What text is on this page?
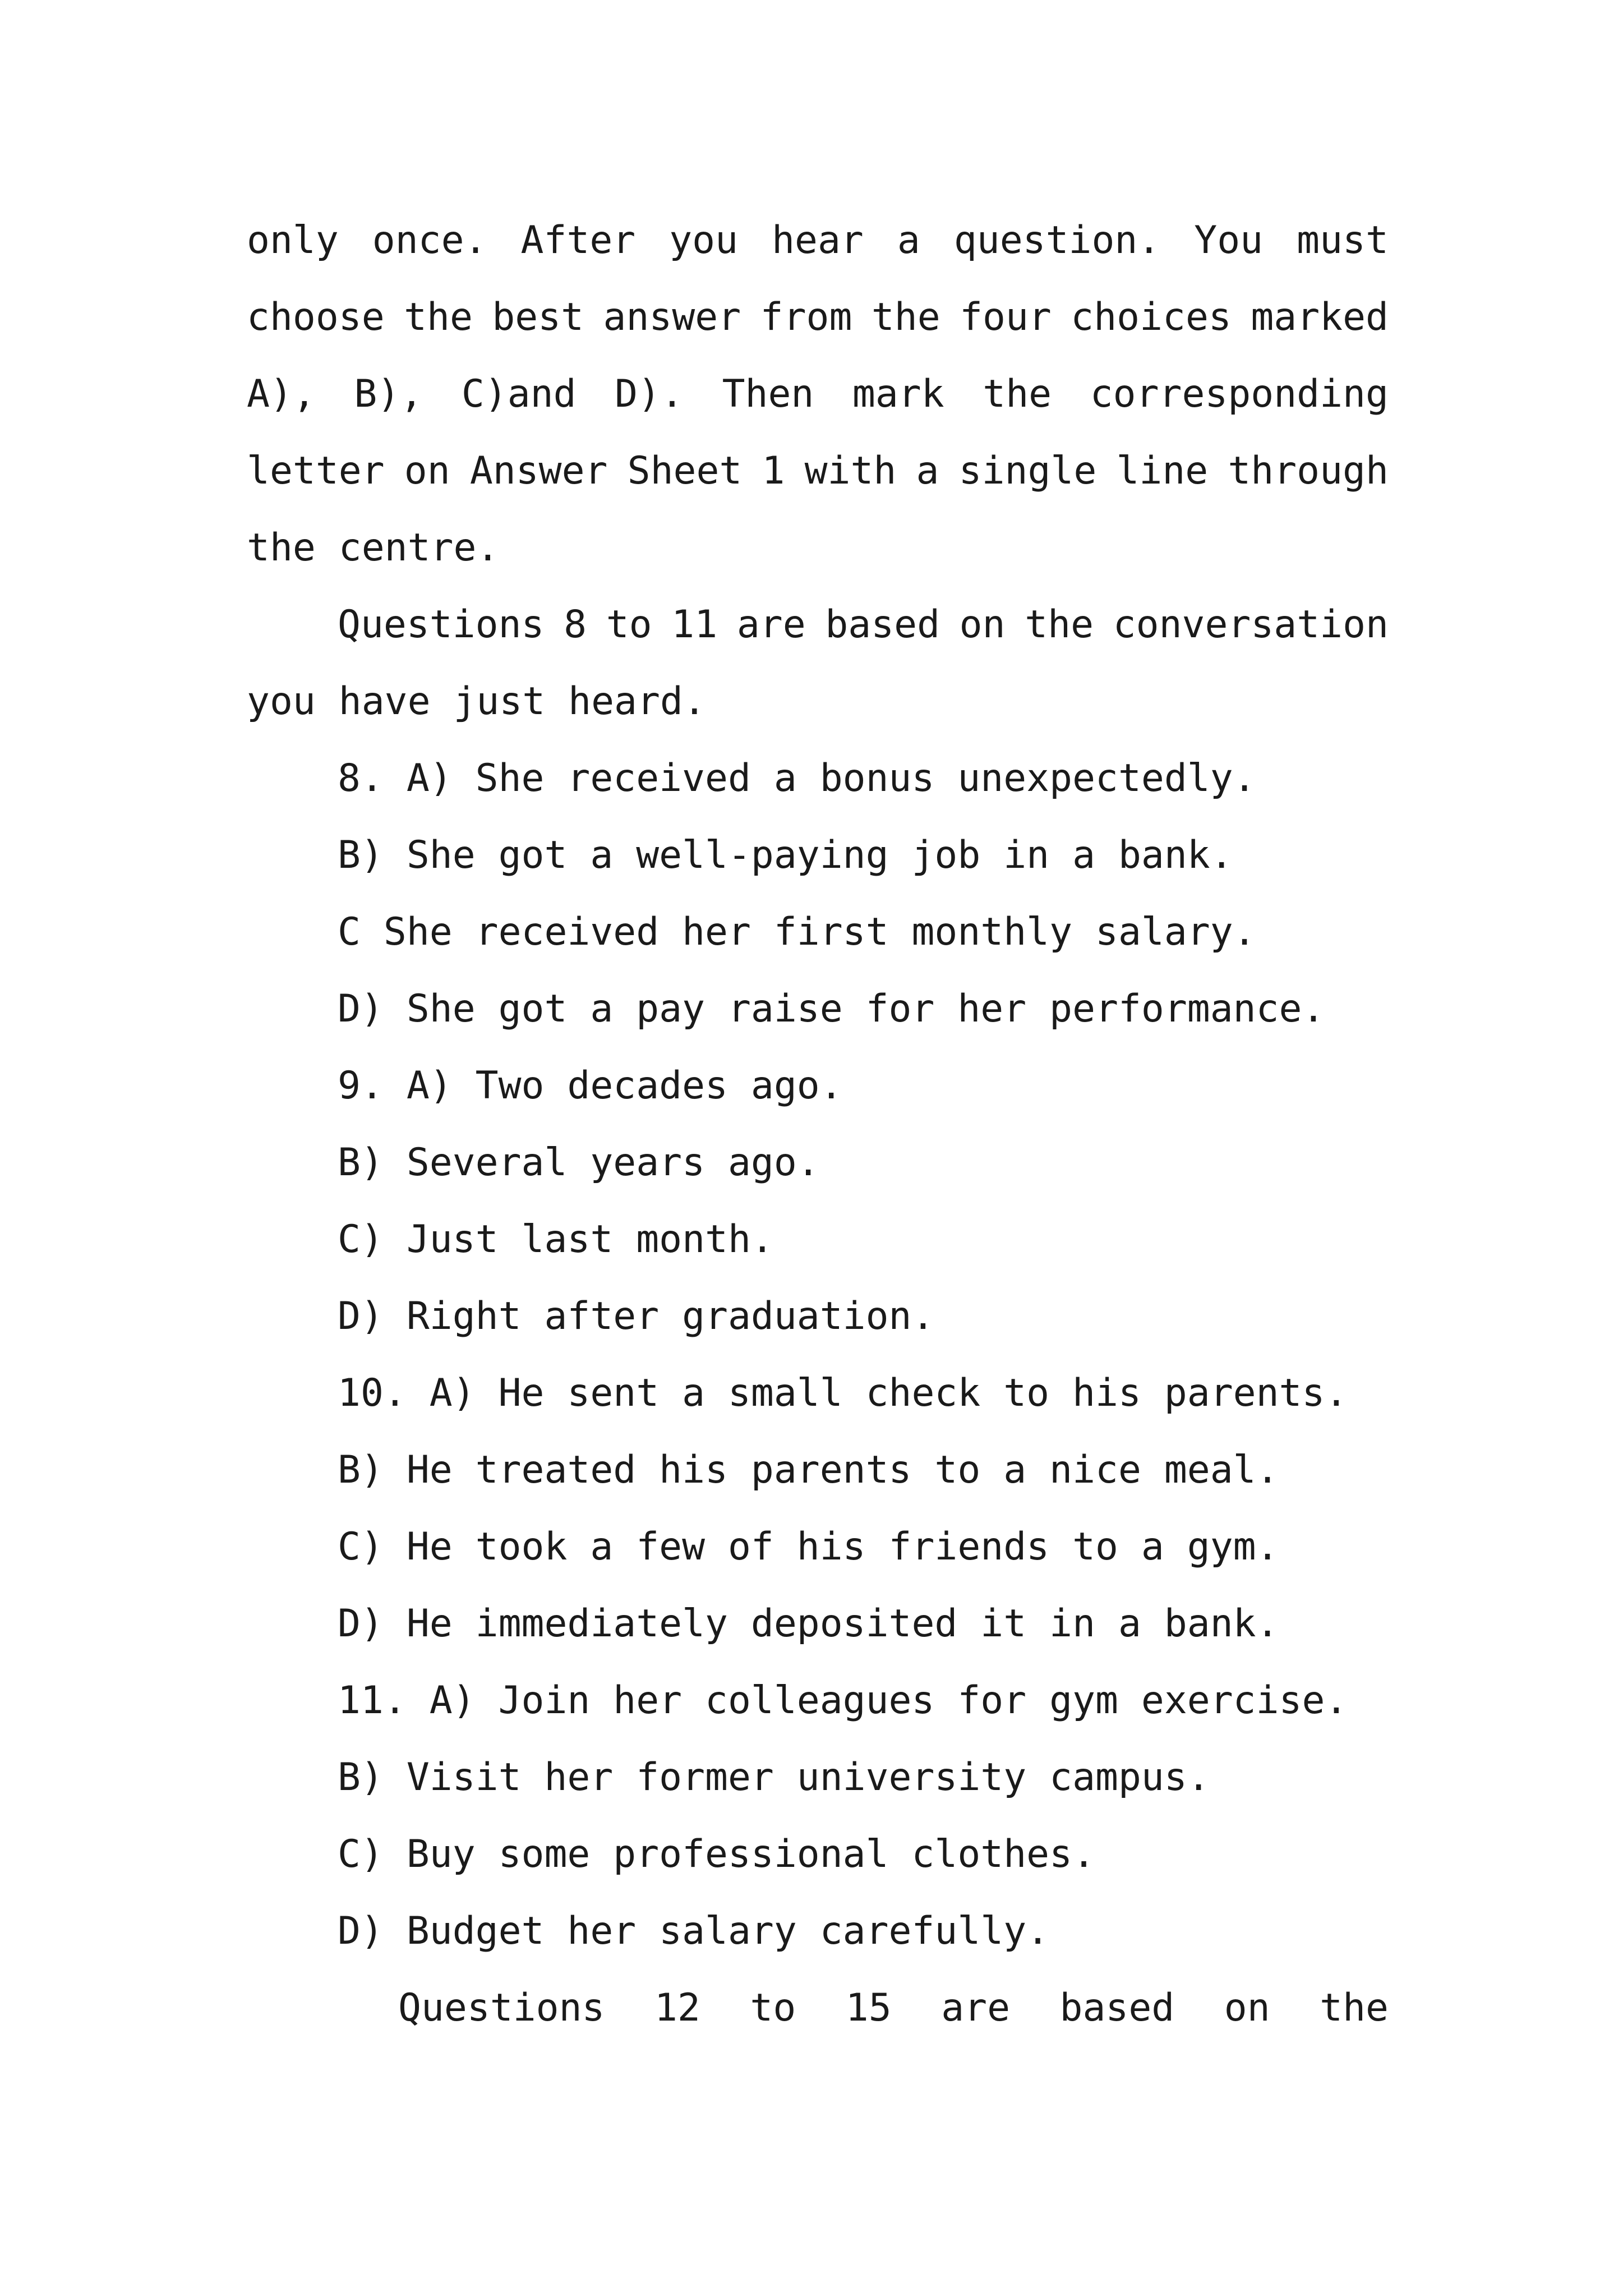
only once. After you hear a question. You must
choose the best answer from the four choices marked
A), B), C)and D). Then mark the corresponding
letter on Answer Sheet 1 with a single line through
the centre.
Questions 8 to 11 are based on the conversation
you have just heard.
8. A) She received a bonus unexpectedly.
B) She got a well-paying job in a bank.
C She received her first monthly salary.
D) She got a pay raise for her performance.
9. A) Two decades ago.
B) Several years ago.
C) Just last month.
D) Right after graduation.
10. A) He sent a small check to his parents.
B) He treated his parents to a nice meal.
C) He took a few of his friends to a gym.
D) He immediately deposited it in a bank.
11. A) Join her colleagues for gym exercise.
B) Visit her former university campus.
C) Buy some professional clothes.
D) Budget her salary carefully.
Questions 12 to 15 are based on the
